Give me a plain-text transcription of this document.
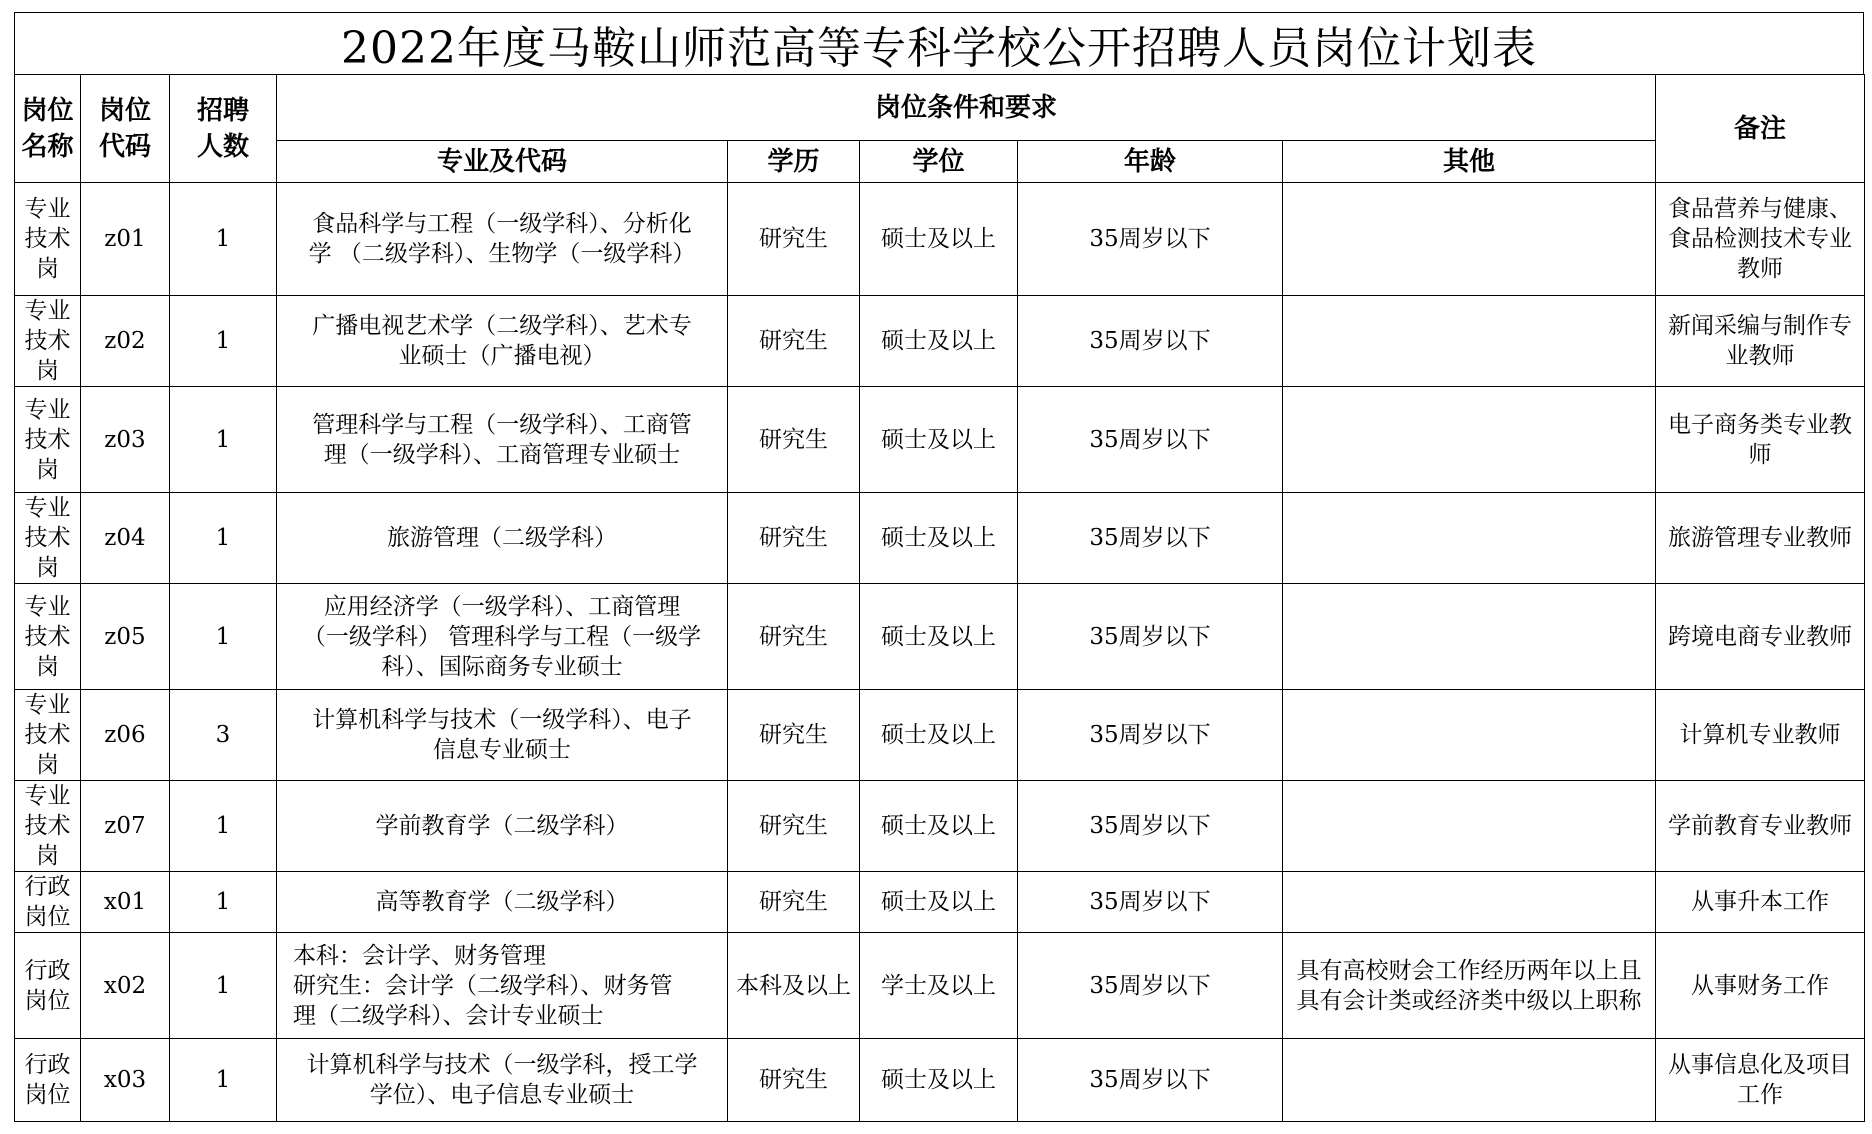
2022年度马鞍山师范高等专科学校公开招聘人员岗位计划表
岗位
名称	岗位
代码	招聘
人数	岗位条件和要求					备注
			专业及代码	学历	学位	年龄	其他	
专业
技术
岗	z01	1	食品科学与工程（一级学科）、分析化
学 （二级学科）、生物学（一级学科）	研究生	硕士及以上	35周岁以下		食品营养与健康、
食品检测技术专业
教师
专业
技术
岗	z02	1	广播电视艺术学（二级学科）、艺术专
业硕士（广播电视）	研究生	硕士及以上	35周岁以下		新闻采编与制作专
业教师
专业
技术
岗	z03	1	管理科学与工程（一级学科）、工商管
理（一级学科）、工商管理专业硕士	研究生	硕士及以上	35周岁以下		电子商务类专业教
师
专业
技术
岗	z04	1	旅游管理（二级学科）	研究生	硕士及以上	35周岁以下		旅游管理专业教师
专业
技术
岗	z05	1	应用经济学（一级学科）、工商管理
（一级学科） 管理科学与工程（一级学
科）、国际商务专业硕士	研究生	硕士及以上	35周岁以下		跨境电商专业教师
专业
技术
岗	z06	3	计算机科学与技术（一级学科）、电子
信息专业硕士	研究生	硕士及以上	35周岁以下		计算机专业教师
专业
技术
岗	z07	1	学前教育学（二级学科）	研究生	硕士及以上	35周岁以下		学前教育专业教师
行政
岗位	x01	1	高等教育学（二级学科）	研究生	硕士及以上	35周岁以下		从事升本工作
行政
岗位	x02	1	本科：会计学、财务管理
研究生：会计学（二级学科）、财务管
理（二级学科）、会计专业硕士	本科及以上	学士及以上	35周岁以下	具有高校财会工作经历两年以上且
具有会计类或经济类中级以上职称	从事财务工作
行政
岗位	x03	1	计算机科学与技术（一级学科，授工学
学位）、电子信息专业硕士	研究生	硕士及以上	35周岁以下		从事信息化及项目
工作
